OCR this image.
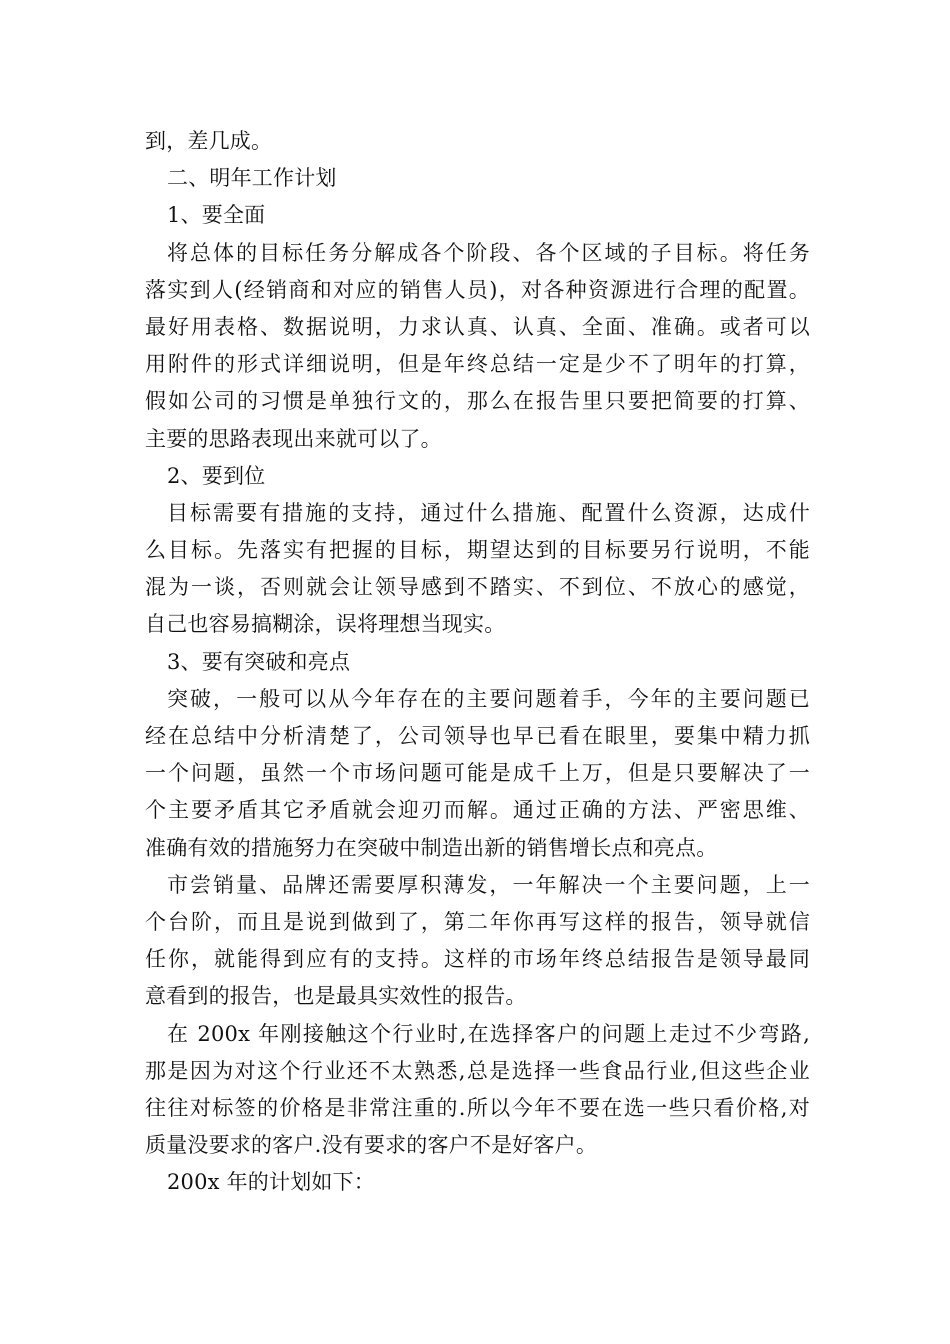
到，差几成。
二、明年工作计划
1、要全面
将总体的目标任务分解成各个阶段、各个区域的子目标。将任务
落实到人(经销商和对应的销售人员)，对各种资源进行合理的配置。
最好用表格、数据说明，力求认真、认真、全面、准确。或者可以
用附件的形式详细说明，但是年终总结一定是少不了明年的打算，
假如公司的习惯是单独行文的，那么在报告里只要把简要的打算、
主要的思路表现出来就可以了。
2、要到位
目标需要有措施的支持，通过什么措施、配置什么资源，达成什
么目标。先落实有把握的目标，期望达到的目标要另行说明，不能
混为一谈，否则就会让领导感到不踏实、不到位、不放心的感觉，
自己也容易搞糊涂，误将理想当现实。
3、要有突破和亮点
突破，一般可以从今年存在的主要问题着手，今年的主要问题已
经在总结中分析清楚了，公司领导也早已看在眼里，要集中精力抓
一个问题，虽然一个市场问题可能是成千上万，但是只要解决了一
个主要矛盾其它矛盾就会迎刃而解。通过正确的方法、严密思维、
准确有效的措施努力在突破中制造出新的销售增长点和亮点。
市尝销量、品牌还需要厚积薄发，一年解决一个主要问题，上一
个台阶，而且是说到做到了，第二年你再写这样的报告，领导就信
任你，就能得到应有的支持。这样的市场年终总结报告是领导最同
意看到的报告，也是最具实效性的报告。
在 200x 年刚接触这个行业时,在选择客户的问题上走过不少弯路,
那是因为对这个行业还不太熟悉,总是选择一些食品行业,但这些企业
往往对标签的价格是非常注重的.所以今年不要在选一些只看价格,对
质量没要求的客户.没有要求的客户不是好客户。
200x 年的计划如下：
